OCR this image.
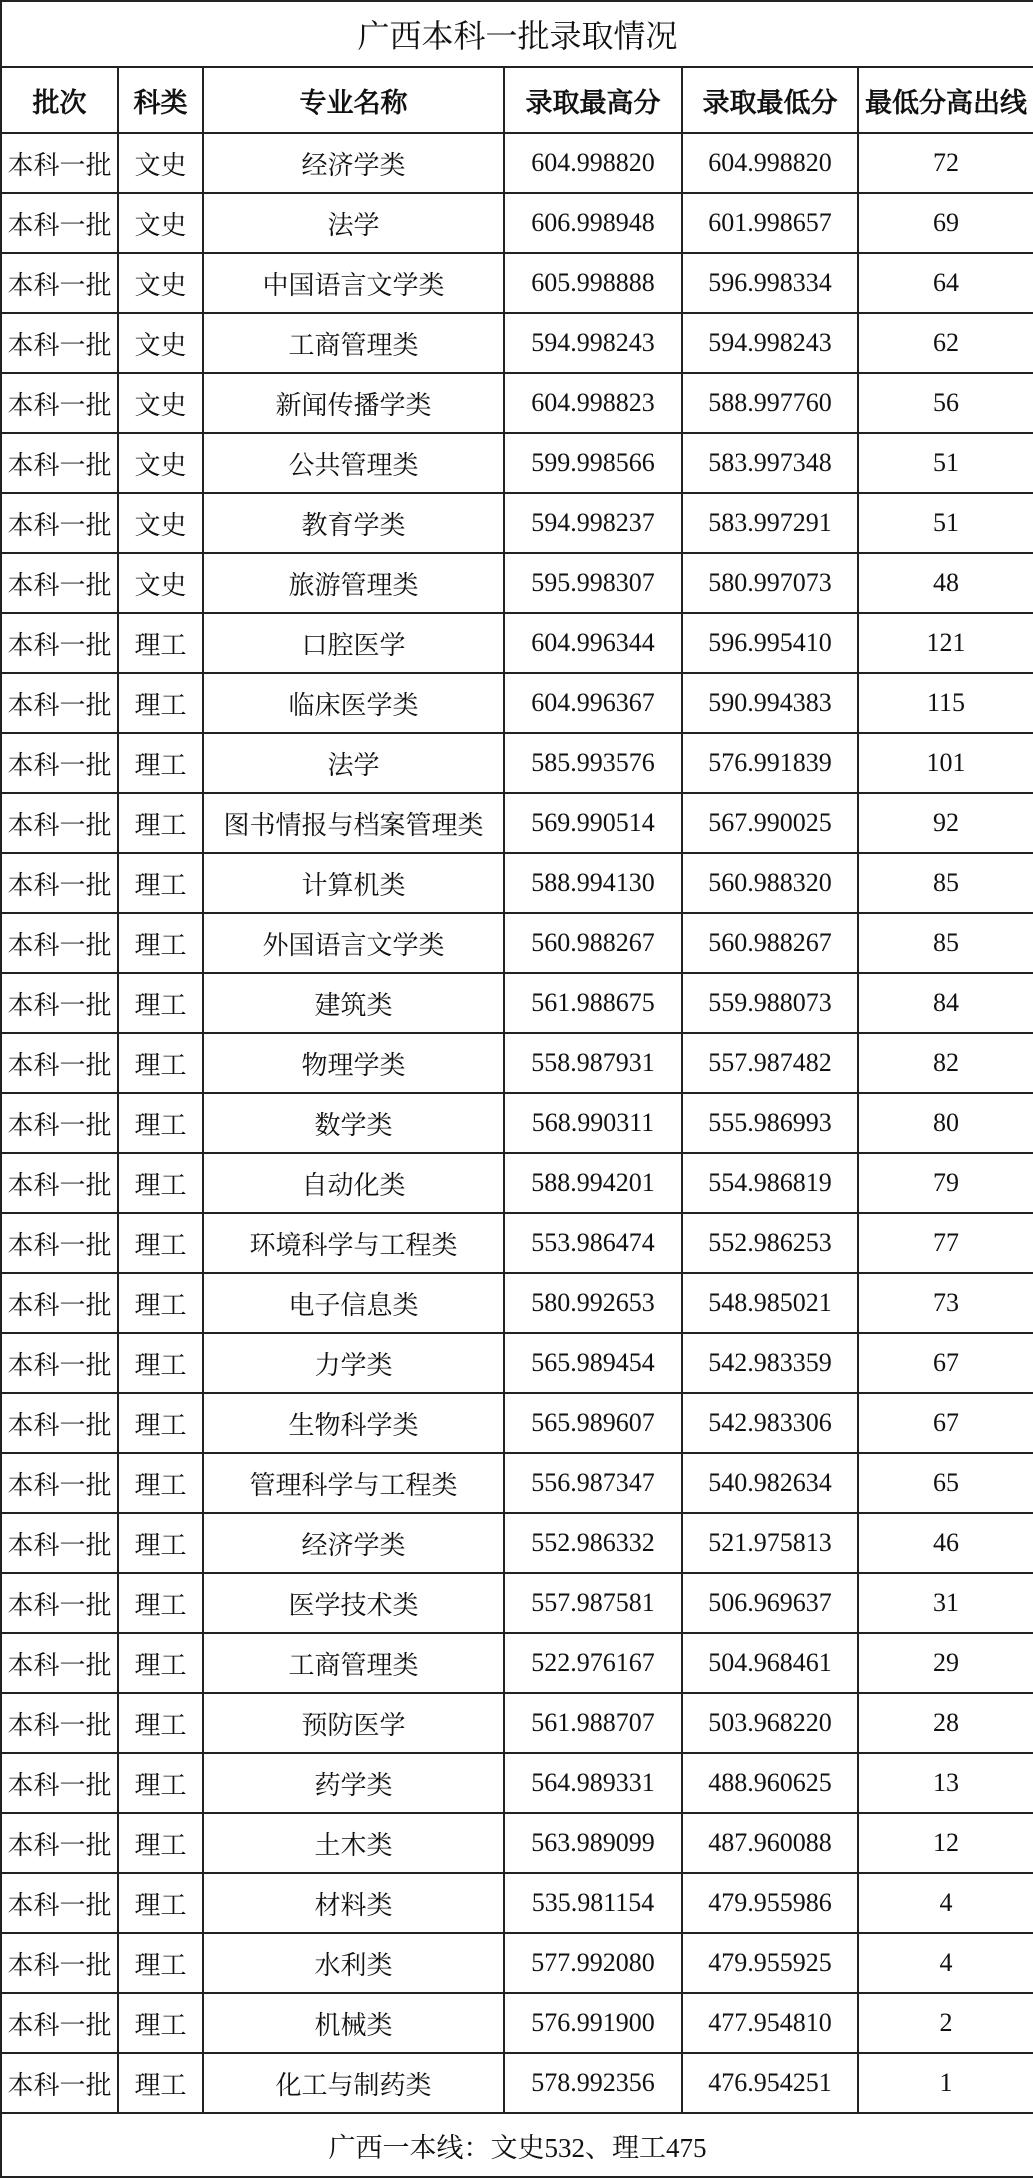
广西本科一批录取情况					
批次	科类	专业名称	录取最高分	录取最低分	最低分高出线
本科一批	文史	经济学类	604.998820	604.998820	72
本科一批	文史	法学	606.998948	601.998657	69
本科一批	文史	中国语言文学类	605.998888	596.998334	64
本科一批	文史	工商管理类	594.998243	594.998243	62
本科一批	文史	新闻传播学类	604.998823	588.997760	56
本科一批	文史	公共管理类	599.998566	583.997348	51
本科一批	文史	教育学类	594.998237	583.997291	51
本科一批	文史	旅游管理类	595.998307	580.997073	48
本科一批	理工	口腔医学	604.996344	596.995410	121
本科一批	理工	临床医学类	604.996367	590.994383	115
本科一批	理工	法学	585.993576	576.991839	101
本科一批	理工	图书情报与档案管理类	569.990514	567.990025	92
本科一批	理工	计算机类	588.994130	560.988320	85
本科一批	理工	外国语言文学类	560.988267	560.988267	85
本科一批	理工	建筑类	561.988675	559.988073	84
本科一批	理工	物理学类	558.987931	557.987482	82
本科一批	理工	数学类	568.990311	555.986993	80
本科一批	理工	自动化类	588.994201	554.986819	79
本科一批	理工	环境科学与工程类	553.986474	552.986253	77
本科一批	理工	电子信息类	580.992653	548.985021	73
本科一批	理工	力学类	565.989454	542.983359	67
本科一批	理工	生物科学类	565.989607	542.983306	67
本科一批	理工	管理科学与工程类	556.987347	540.982634	65
本科一批	理工	经济学类	552.986332	521.975813	46
本科一批	理工	医学技术类	557.987581	506.969637	31
本科一批	理工	工商管理类	522.976167	504.968461	29
本科一批	理工	预防医学	561.988707	503.968220	28
本科一批	理工	药学类	564.989331	488.960625	13
本科一批	理工	土木类	563.989099	487.960088	12
本科一批	理工	材料类	535.981154	479.955986	4
本科一批	理工	水利类	577.992080	479.955925	4
本科一批	理工	机械类	576.991900	477.954810	2
本科一批	理工	化工与制药类	578.992356	476.954251	1
广西一本线：文史532、理工475					
